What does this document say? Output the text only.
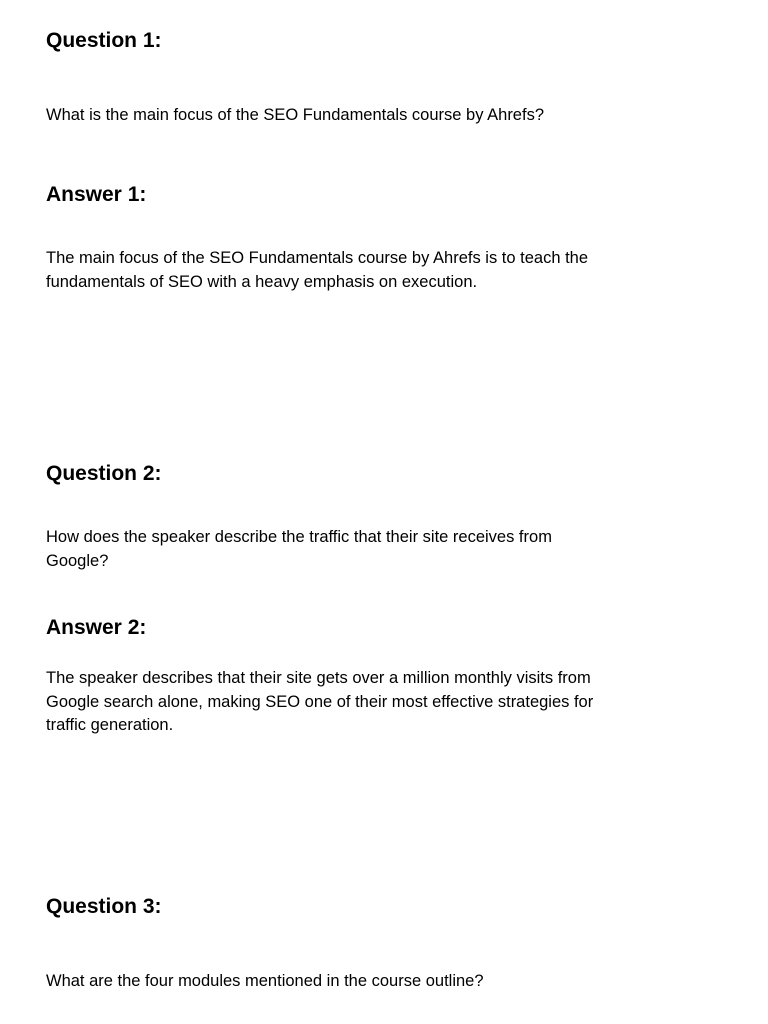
Question 1:

What is the main focus of the SEO Fundamentals course by Ahrefs?

Answer 1:

The main focus of the SEO Fundamentals course by Ahrefs is to teach the fundamentals of SEO with a heavy emphasis on execution.

Question 2:

How does the speaker describe the traffic that their site receives from Google?

Answer 2:

The speaker describes that their site gets over a million monthly visits from Google search alone, making SEO one of their most effective strategies for traffic generation.

Question 3:

What are the four modules mentioned in the course outline?
